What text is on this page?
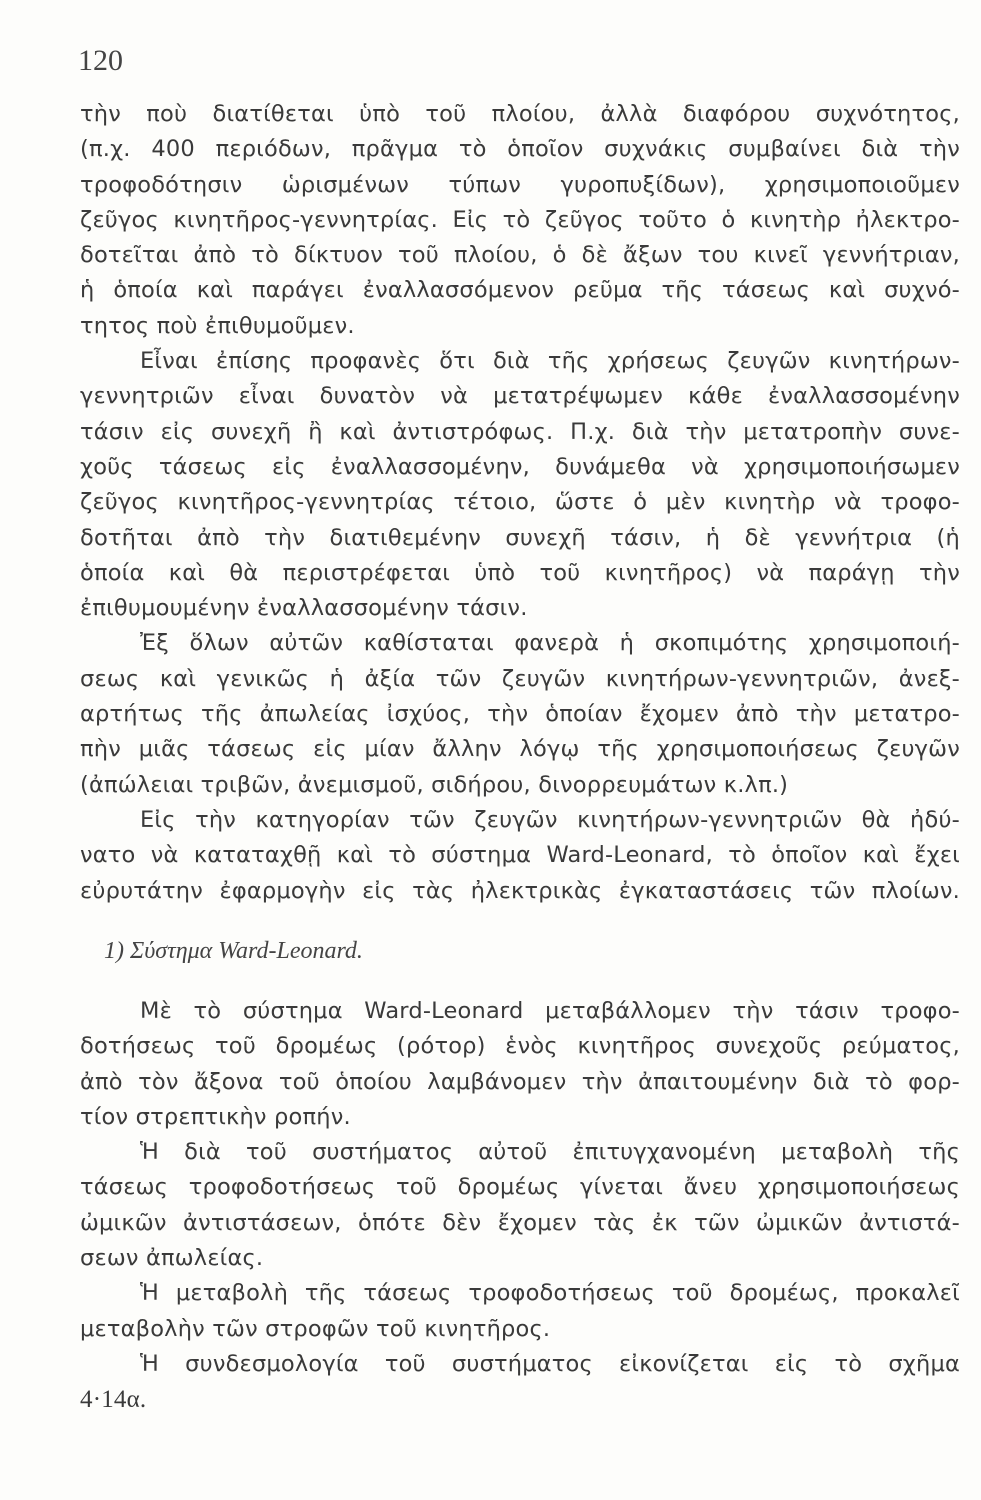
120
τὴν ποὺ διατίθεται ὑπὸ τοῦ πλοίου, ἀλλὰ διαφόρου συχνότητος,
(π.χ. 400 περιόδων, πρᾶγμα τὸ ὁποῖον συχνάκις συμβαίνει διὰ τὴν
τροφοδότησιν ὡρισμένων τύπων γυροπυξίδων), χρησιμοποιοῦμεν
ζεῦγος κινητῆρος-γεννητρίας. Εἰς τὸ ζεῦγος τοῦτο ὁ κινητὴρ ἠλεκτρο-
δοτεῖται ἀπὸ τὸ δίκτυον τοῦ πλοίου, ὁ δὲ ἄξων του κινεῖ γεννήτριαν,
ἡ ὁποία καὶ παράγει ἐναλλασσόμενον ρεῦμα τῆς τάσεως καὶ συχνό-
τητος ποὺ ἐπιθυμοῦμεν.
Εἶναι ἐπίσης προφανὲς ὅτι διὰ τῆς χρήσεως ζευγῶν κινητήρων-
γεννητριῶν εἶναι δυνατὸν νὰ μετατρέψωμεν κάθε ἐναλλασσομένην
τάσιν εἰς συνεχῆ ἢ καὶ ἀντιστρόφως. Π.χ. διὰ τὴν μετατροπὴν συνε-
χοῦς τάσεως εἰς ἐναλλασσομένην, δυνάμεθα νὰ χρησιμοποιήσωμεν
ζεῦγος κινητῆρος-γεννητρίας τέτοιο, ὥστε ὁ μὲν κινητὴρ νὰ τροφο-
δοτῆται ἀπὸ τὴν διατιθεμένην συνεχῆ τάσιν, ἡ δὲ γεννήτρια (ἡ
ὁποία καὶ θὰ περιστρέφεται ὑπὸ τοῦ κινητῆρος) νὰ παράγῃ τὴν
ἐπιθυμουμένην ἐναλλασσομένην τάσιν.
Ἐξ ὅλων αὐτῶν καθίσταται φανερὰ ἡ σκοπιμότης χρησιμοποιή-
σεως καὶ γενικῶς ἡ ἀξία τῶν ζευγῶν κινητήρων-γεννητριῶν, ἀνεξ-
αρτήτως τῆς ἀπωλείας ἰσχύος, τὴν ὁποίαν ἔχομεν ἀπὸ τὴν μετατρο-
πὴν μιᾶς τάσεως εἰς μίαν ἄλλην λόγῳ τῆς χρησιμοποιήσεως ζευγῶν
(ἀπώλειαι τριβῶν, ἀνεμισμοῦ, σιδήρου, δινορρευμάτων κ.λπ.)
Εἰς τὴν κατηγορίαν τῶν ζευγῶν κινητήρων-γεννητριῶν θὰ ἠδύ-
νατο νὰ καταταχθῇ καὶ τὸ σύστημα Ward-Leonard, τὸ ὁποῖον καὶ ἔχει
εὐρυτάτην ἐφαρμογὴν εἰς τὰς ἠλεκτρικὰς ἐγκαταστάσεις τῶν πλοίων.
1) Σύστημα Ward-Leonard.
Μὲ τὸ σύστημα Ward-Leonard μεταβάλλομεν τὴν τάσιν τροφο-
δοτήσεως τοῦ δρομέως (ρότορ) ἑνὸς κινητῆρος συνεχοῦς ρεύματος,
ἀπὸ τὸν ἄξονα τοῦ ὁποίου λαμβάνομεν τὴν ἀπαιτουμένην διὰ τὸ φορ-
τίον στρεπτικὴν ροπήν.
Ἡ διὰ τοῦ συστήματος αὐτοῦ ἐπιτυγχανομένη μεταβολὴ τῆς
τάσεως τροφοδοτήσεως τοῦ δρομέως γίνεται ἄνευ χρησιμοποιήσεως
ὠμικῶν ἀντιστάσεων, ὁπότε δὲν ἔχομεν τὰς ἐκ τῶν ὠμικῶν ἀντιστά-
σεων ἀπωλείας.
Ἡ μεταβολὴ τῆς τάσεως τροφοδοτήσεως τοῦ δρομέως, προκαλεῖ
μεταβολὴν τῶν στροφῶν τοῦ κινητῆρος.
Ἡ συνδεσμολογία τοῦ συστήματος εἰκονίζεται εἰς τὸ σχῆμα
4·14α.
